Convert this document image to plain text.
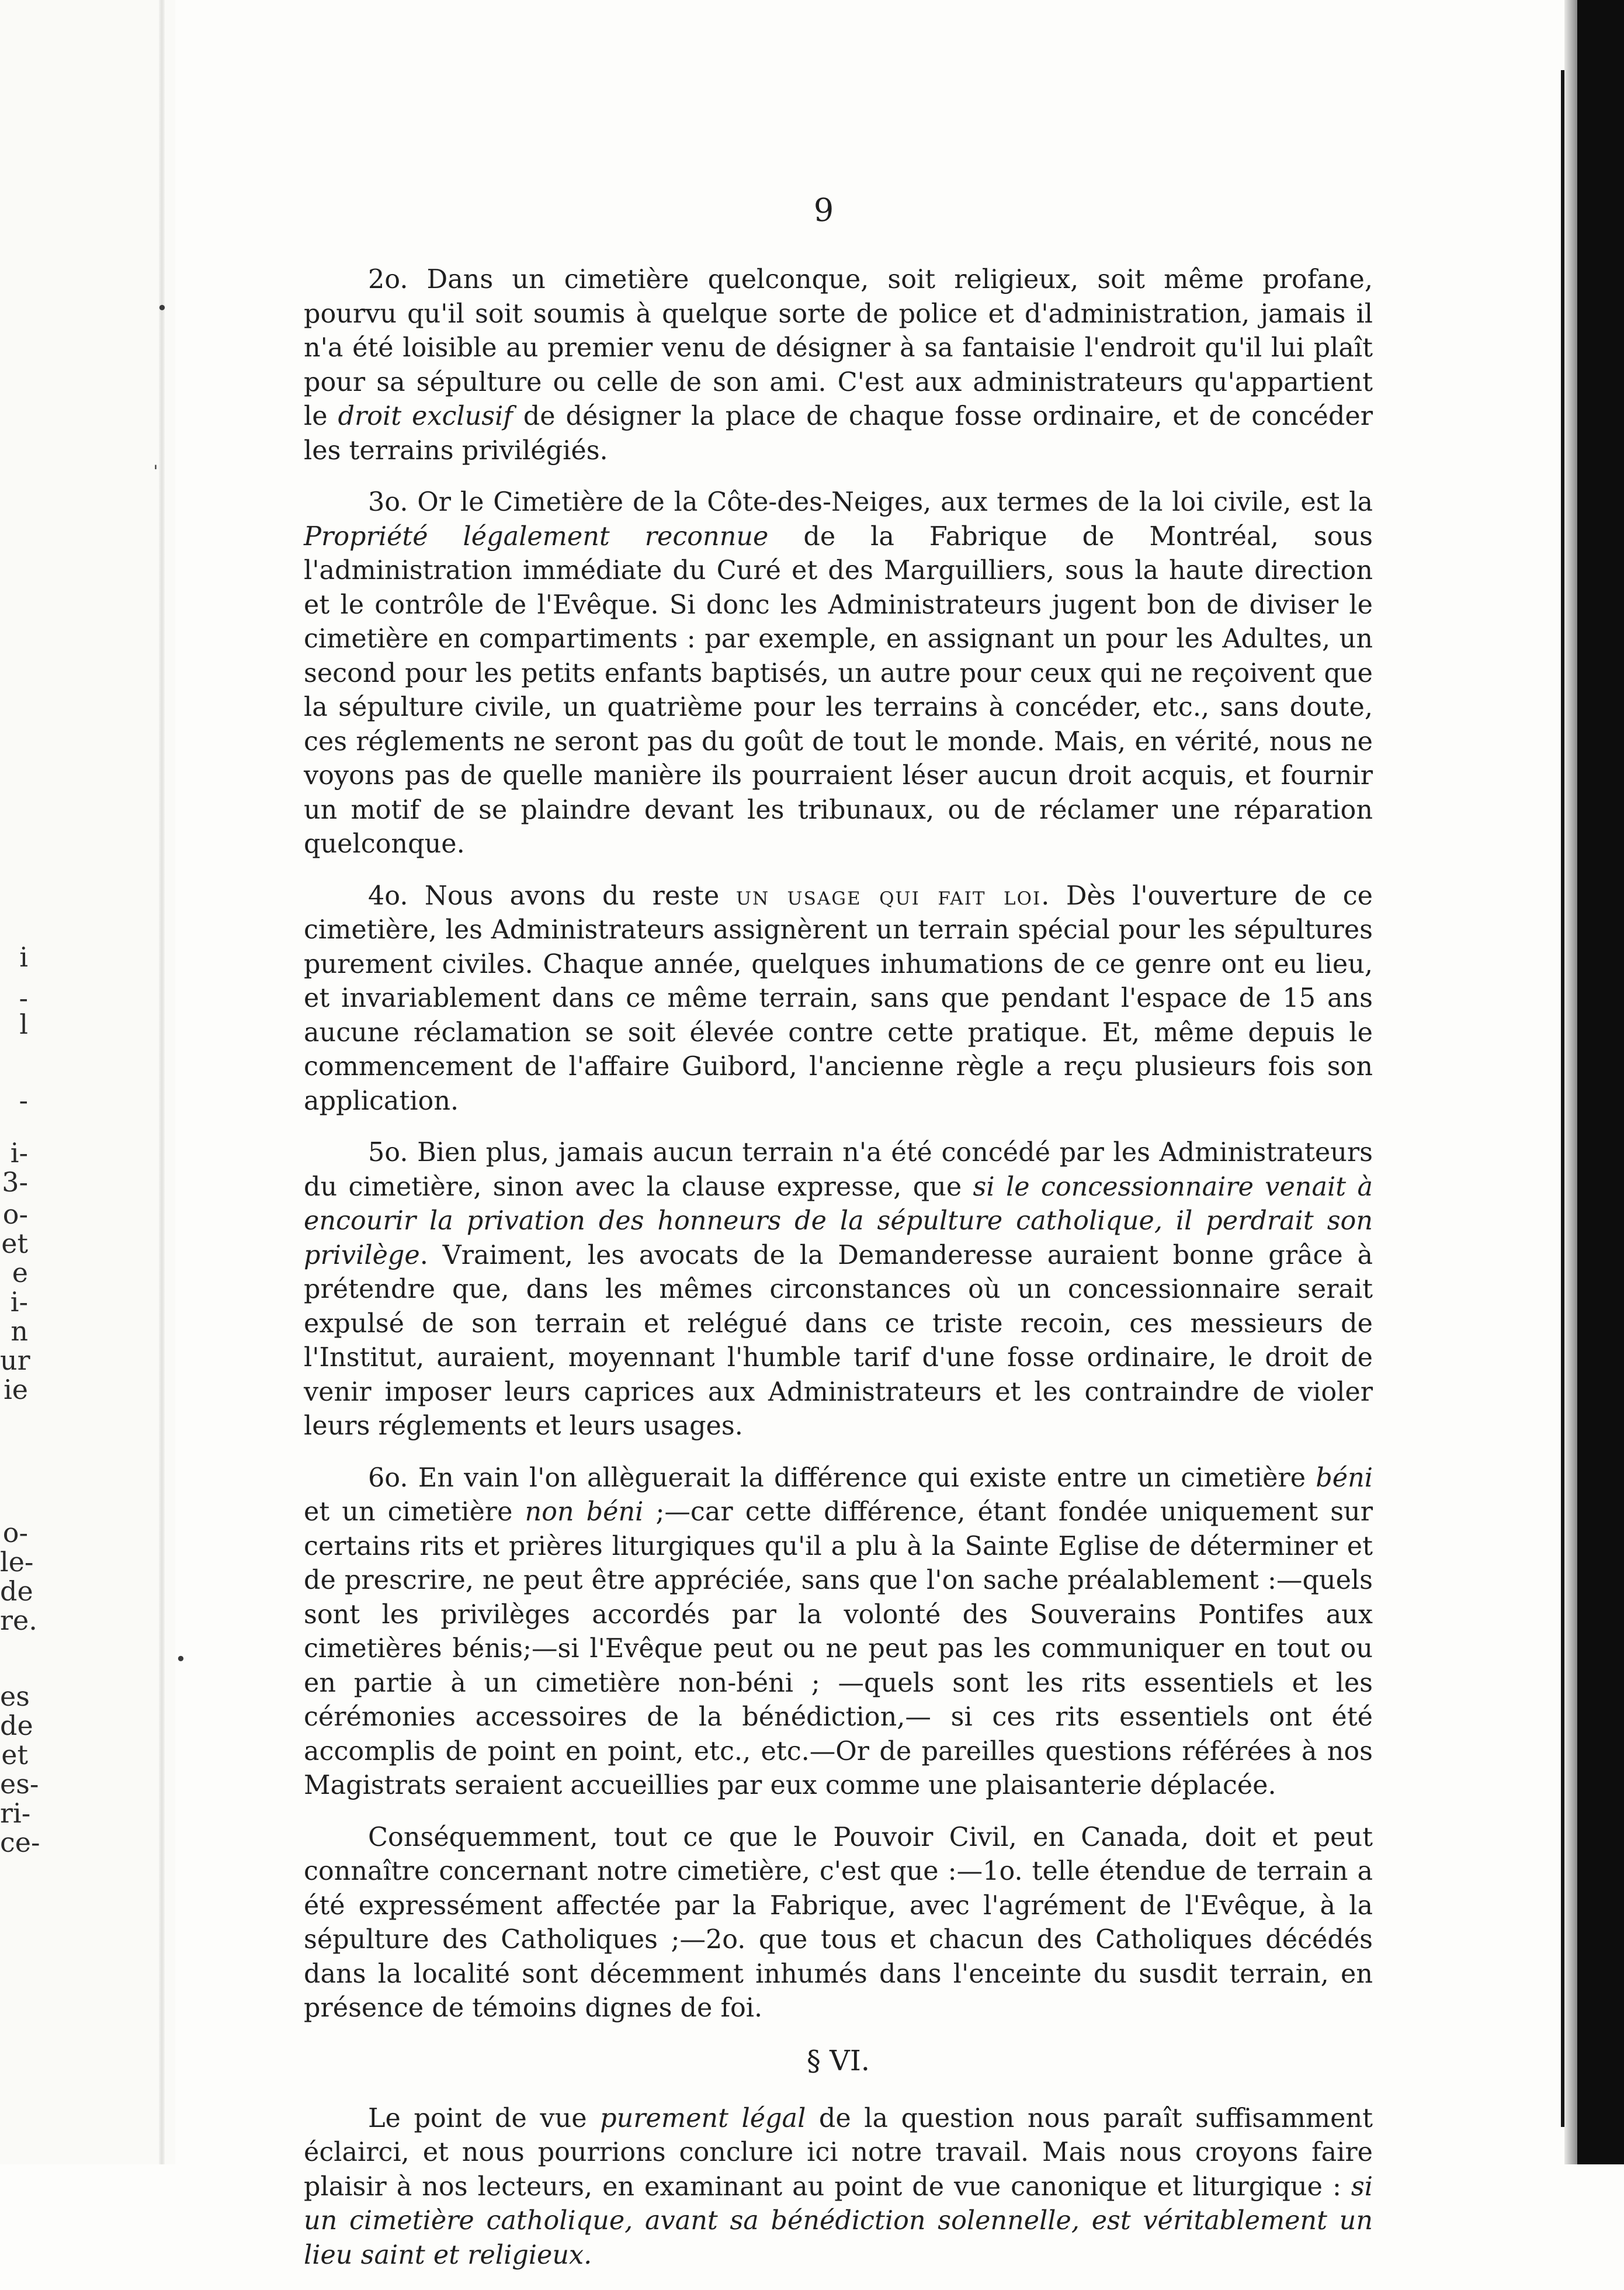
i
-
l
-
i-
3-
o-
et
e
i-
n
ur
ie
o-
le-
de
re.
es
de
et
es-
ri-
ce-
•
ˈ
•
9

2o. Dans un cimetière quelconque, soit religieux, soit même profane, pourvu qu'il soit soumis à quelque sorte de police et d'administration, jamais il n'a été loisible au premier venu de désigner à sa fantaisie l'endroit qu'il lui plaît pour sa sépulture ou celle de son ami. C'est aux administrateurs qu'appartient le droit exclusif de désigner la place de chaque fosse ordinaire, et de concéder les terrains privilégiés.

3o. Or le Cimetière de la Côte-des-Neiges, aux termes de la loi civile, est la Propriété légalement reconnue de la Fabrique de Montréal, sous l'administration immédiate du Curé et des Marguilliers, sous la haute direction et le contrôle de l'Evêque. Si donc les Administrateurs jugent bon de diviser le cimetière en compartiments : par exemple, en assignant un pour les Adultes, un second pour les petits enfants baptisés, un autre pour ceux qui ne reçoivent que la sépulture civile, un quatrième pour les terrains à concéder, etc., sans doute, ces réglements ne seront pas du goût de tout le monde. Mais, en vérité, nous ne voyons pas de quelle manière ils pourraient léser aucun droit acquis, et fournir un motif de se plaindre devant les tribunaux, ou de réclamer une réparation quelconque.

4o. Nous avons du reste un usage qui fait loi. Dès l'ouverture de ce cimetière, les Administrateurs assignèrent un terrain spécial pour les sépultures purement civiles. Chaque année, quelques inhumations de ce genre ont eu lieu, et invariablement dans ce même terrain, sans que pendant l'espace de 15 ans aucune réclamation se soit élevée contre cette pratique. Et, même depuis le commencement de l'affaire Guibord, l'ancienne règle a reçu plusieurs fois son application.

5o. Bien plus, jamais aucun terrain n'a été concédé par les Administrateurs du cimetière, sinon avec la clause expresse, que si le concessionnaire venait à encourir la privation des honneurs de la sépulture catholique, il perdrait son privilège. Vraiment, les avocats de la Demanderesse auraient bonne grâce à prétendre que, dans les mêmes circonstances où un concessionnaire serait expulsé de son terrain et relégué dans ce triste recoin, ces messieurs de l'Institut, auraient, moyennant l'humble tarif d'une fosse ordinaire, le droit de venir imposer leurs caprices aux Administrateurs et les contraindre de violer leurs réglements et leurs usages.

6o. En vain l'on allèguerait la différence qui existe entre un cimetière béni et un cimetière non béni ;—car cette différence, étant fondée uniquement sur certains rits et prières liturgiques qu'il a plu à la Sainte Eglise de déterminer et de prescrire, ne peut être appréciée, sans que l'on sache préalablement :—quels sont les privilèges accordés par la volonté des Souverains Pontifes aux cimetières bénis;—si l'Evêque peut ou ne peut pas les communiquer en tout ou en partie à un cimetière non-béni ; —quels sont les rits essentiels et les cérémonies accessoires de la bénédiction,— si ces rits essentiels ont été accomplis de point en point, etc., etc.—Or de pareilles questions référées à nos Magistrats seraient accueillies par eux comme une plaisanterie déplacée.

Conséquemment, tout ce que le Pouvoir Civil, en Canada, doit et peut connaître concernant notre cimetière, c'est que :—1o. telle étendue de terrain a été expressément affectée par la Fabrique, avec l'agrément de l'Evêque, à la sépulture des Catholiques ;—2o. que tous et chacun des Catholiques décédés dans la localité sont décemment inhumés dans l'enceinte du susdit terrain, en présence de témoins dignes de foi.

§ VI.

Le point de vue purement légal de la question nous paraît suffisamment éclairci, et nous pourrions conclure ici notre travail. Mais nous croyons faire plaisir à nos lecteurs, en examinant au point de vue canonique et liturgique : si un cimetière catholique, avant sa bénédiction solennelle, est véritablement un lieu saint et religieux.
